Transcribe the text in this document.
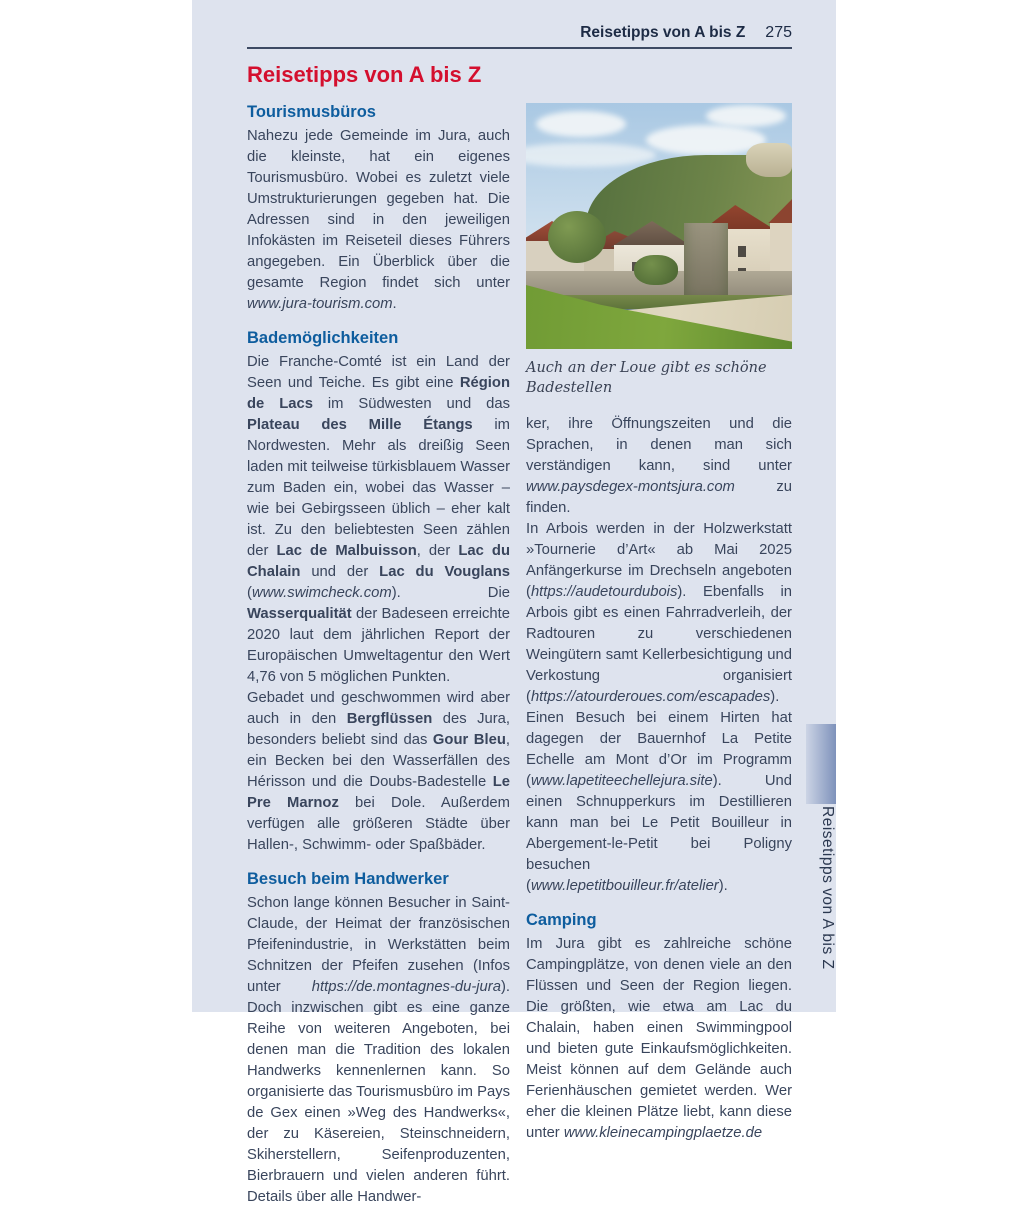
Reisetipps von A bis Z 275
Reisetipps von A bis Z
Tourismusbüros

Nahezu jede Gemeinde im Jura, auch die kleinste, hat ein eigenes Tourismusbüro. Wobei es zuletzt viele Umstrukturierungen gegeben hat. Die Adressen sind in den jeweiligen Infokästen im Reiseteil dieses Führers angegeben. Ein Überblick über die gesamte Region findet sich unter www.jura-tourism.com.

Bademöglichkeiten

Die Franche-Comté ist ein Land der Seen und Teiche. Es gibt eine Région de Lacs im Südwesten und das Plateau des Mille Étangs im Nordwesten. Mehr als dreißig Seen laden mit teilweise türkisblauem Wasser zum Baden ein, wobei das Wasser – wie bei Gebirgsseen üblich – eher kalt ist. Zu den beliebtesten Seen zählen der Lac de Malbuisson, der Lac du Chalain und der Lac du Vouglans (www.swimcheck.com). Die Wasserqualität der Badeseen erreichte 2020 laut dem jährlichen Report der Europäischen Umweltagentur den Wert 4,76 von 5 möglichen Punkten.

Gebadet und geschwommen wird aber auch in den Bergflüssen des Jura, besonders beliebt sind das Gour Bleu, ein Becken bei den Wasserfällen des Hérisson und die Doubs-Badestelle Le Pre Marnoz bei Dole. Außerdem verfügen alle größeren Städte über Hallen-, Schwimm- oder Spaßbäder.

Besuch beim Handwerker

Schon lange können Besucher in Saint-Claude, der Heimat der französischen Pfeifenindustrie, in Werkstätten beim Schnitzen der Pfeifen zusehen (Infos unter https://de.montagnes-du-jura). Doch inzwischen gibt es eine ganze Reihe von weiteren Angeboten, bei denen man die Tradition des lokalen Handwerks kennenlernen kann. So organisierte das Tourismusbüro im Pays de Gex einen »Weg des Handwerks«, der zu Käsereien, Steinschneidern, Skiherstellern, Seifenproduzenten, Bierbrauern und vielen anderen führt. Details über alle Handwer-

Auch an der Loue gibt es schöne Badestellen

ker, ihre Öffnungszeiten und die Sprachen, in denen man sich verständigen kann, sind unter www.paysdegex-montsjura.com zu finden.

In Arbois werden in der Holzwerkstatt »Tournerie d’Art« ab Mai 2025 Anfängerkurse im Drechseln angeboten (https://audetourdubois). Ebenfalls in Arbois gibt es einen Fahrradverleih, der Radtouren zu verschiedenen Weingütern samt Kellerbesichtigung und Verkostung organisiert (https://atourderoues.com/escapades). Einen Besuch bei einem Hirten hat dagegen der Bauernhof La Petite Echelle am Mont d’Or im Programm (www.lapetiteechellejura.site). Und einen Schnupperkurs im Destillieren kann man bei Le Petit Bouilleur in Abergement-le-Petit bei Poligny besuchen (www.lepetitbouilleur.fr/atelier).

Camping

Im Jura gibt es zahlreiche schöne Campingplätze, von denen viele an den Flüssen und Seen der Region liegen. Die größten, wie etwa am Lac du Chalain, haben einen Swimmingpool und bieten gute Einkaufsmöglichkeiten. Meist können auf dem Gelände auch Ferienhäuschen gemietet werden. Wer eher die kleinen Plätze liebt, kann diese unter www.kleinecampingplaetze.de

Reisetipps von A bis Z
